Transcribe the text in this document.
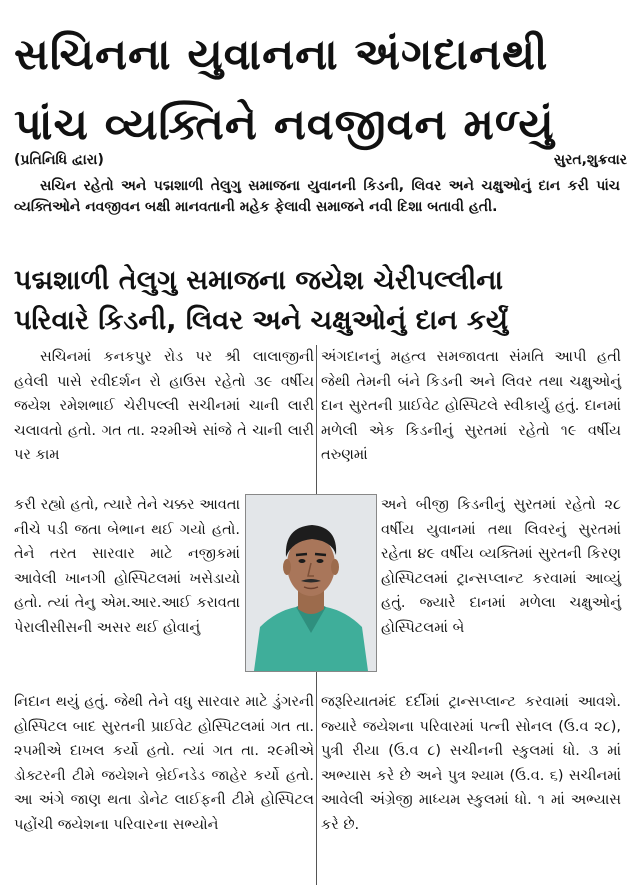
સચિનના યુવાનના અંગદાનથી
પાંચ વ્યક્તિને નવજીવન મળ્યું
(પ્રતિનિધિ દ્વારા)	સુરત,શુક્રવાર

સચિન રહેતો અને પદ્મશાળી તેલુગુ સમાજના યુવાનની કિડની, લિવર અને ચક્ષુઓનું દાન કરી પાંચ વ્યક્તિઓને નવજીવન બક્ષી માનવતાની મહેક ફેલાવી સમાજને નવી દિશા બતાવી હતી.

પદ્મશાળી તેલુગુ સમાજના જયેશ ચેરીપલ્લીના
પરિવારે કિડની, લિવર અને ચક્ષુઓનું દાન કર્યું

સચિનમાં કનકપુર રોડ પર શ્રી લાલાજીની હવેલી પાસે રવીદર્શન રો હાઉસ રહેતો ૩૯ વર્ષીય જયેશ રમેશભાઈ ચેરીપલ્લી સચીનમાં ચાની લારી ચલાવતો હતો. ગત તા. ૨૨મીએ સાંજે તે ચાની લારી પર કામ

કરી રહ્યો હતો, ત્યારે તેને ચક્કર આવતા નીચે પડી જતા બેભાન થઈ ગયો હતો. તેને તરત સારવાર માટે નજીકમાં આવેલી ખાનગી હોસ્પિટલમાં ખસેડાયો હતો. ત્યાં તેનુ એમ.આર.આઈ કરાવતા પેરાલીસીસની અસર થઈ હોવાનું

નિદાન થયું હતું. જેથી તેને વધુ સારવાર માટે ડુંગરની હોસ્પિટલ બાદ સુરતની પ્રાઈવેટ હોસ્પિટલમાં ગત તા. ૨૫મીએ દાખલ કર્યો હતો. ત્યાં ગત તા. ૨૯મીએ ડોક્ટરની ટીમે જયેશને બ્રેઈનડેડ જાહેર કર્યો હતો. આ અંગે જાણ થતા ડોનેટ લાઈફની ટીમે હોસ્પિટલ પહોંચી જયેશના પરિવારના સભ્યોને

અંગદાનનું મહત્વ સમજાવતા સંમતિ આપી હતી જેથી તેમની બંને કિડની અને લિવર તથા ચક્ષુઓનું દાન સુરતની પ્રાઈવેટ હોસ્પિટલે સ્વીકાર્યુ હતું. દાનમાં મળેલી એક કિડનીનું સુરતમાં રહેતો ૧૯ વર્ષીય તરુણમાં

અને બીજી કિડનીનું સુરતમાં રહેતો ૨૮ વર્ષીય યુવાનમાં તથા લિવરનું સુરતમાં રહેતા ૪૯ વર્ષીય વ્યક્તિમાં સુરતની કિરણ હોસ્પિટલમાં ટ્રાન્સપ્લાન્ટ કરવામાં આવ્યું હતું. જ્યારે દાનમાં મળેલા ચક્ષુઓનું હોસ્પિટલમાં બે

જરૂરિયાતમંદ દર્દીમાં ટ્રાન્સપ્લાન્ટ કરવામાં આવશે. જ્યારે જયેશના પરિવારમાં પત્ની સોનલ (ઉ.વ ૨૮), પુત્રી રીયા (ઉ.વ ૮) સચીનની સ્કુલમાં ધો. ૩ માં અભ્યાસ કરે છે અને પુત્ર શ્યામ (ઉ.વ. ૬) સચીનમાં આવેલી અંગ્રેજી માધ્યમ સ્કુલમાં ધો. ૧ માં અભ્યાસ કરે છે.
